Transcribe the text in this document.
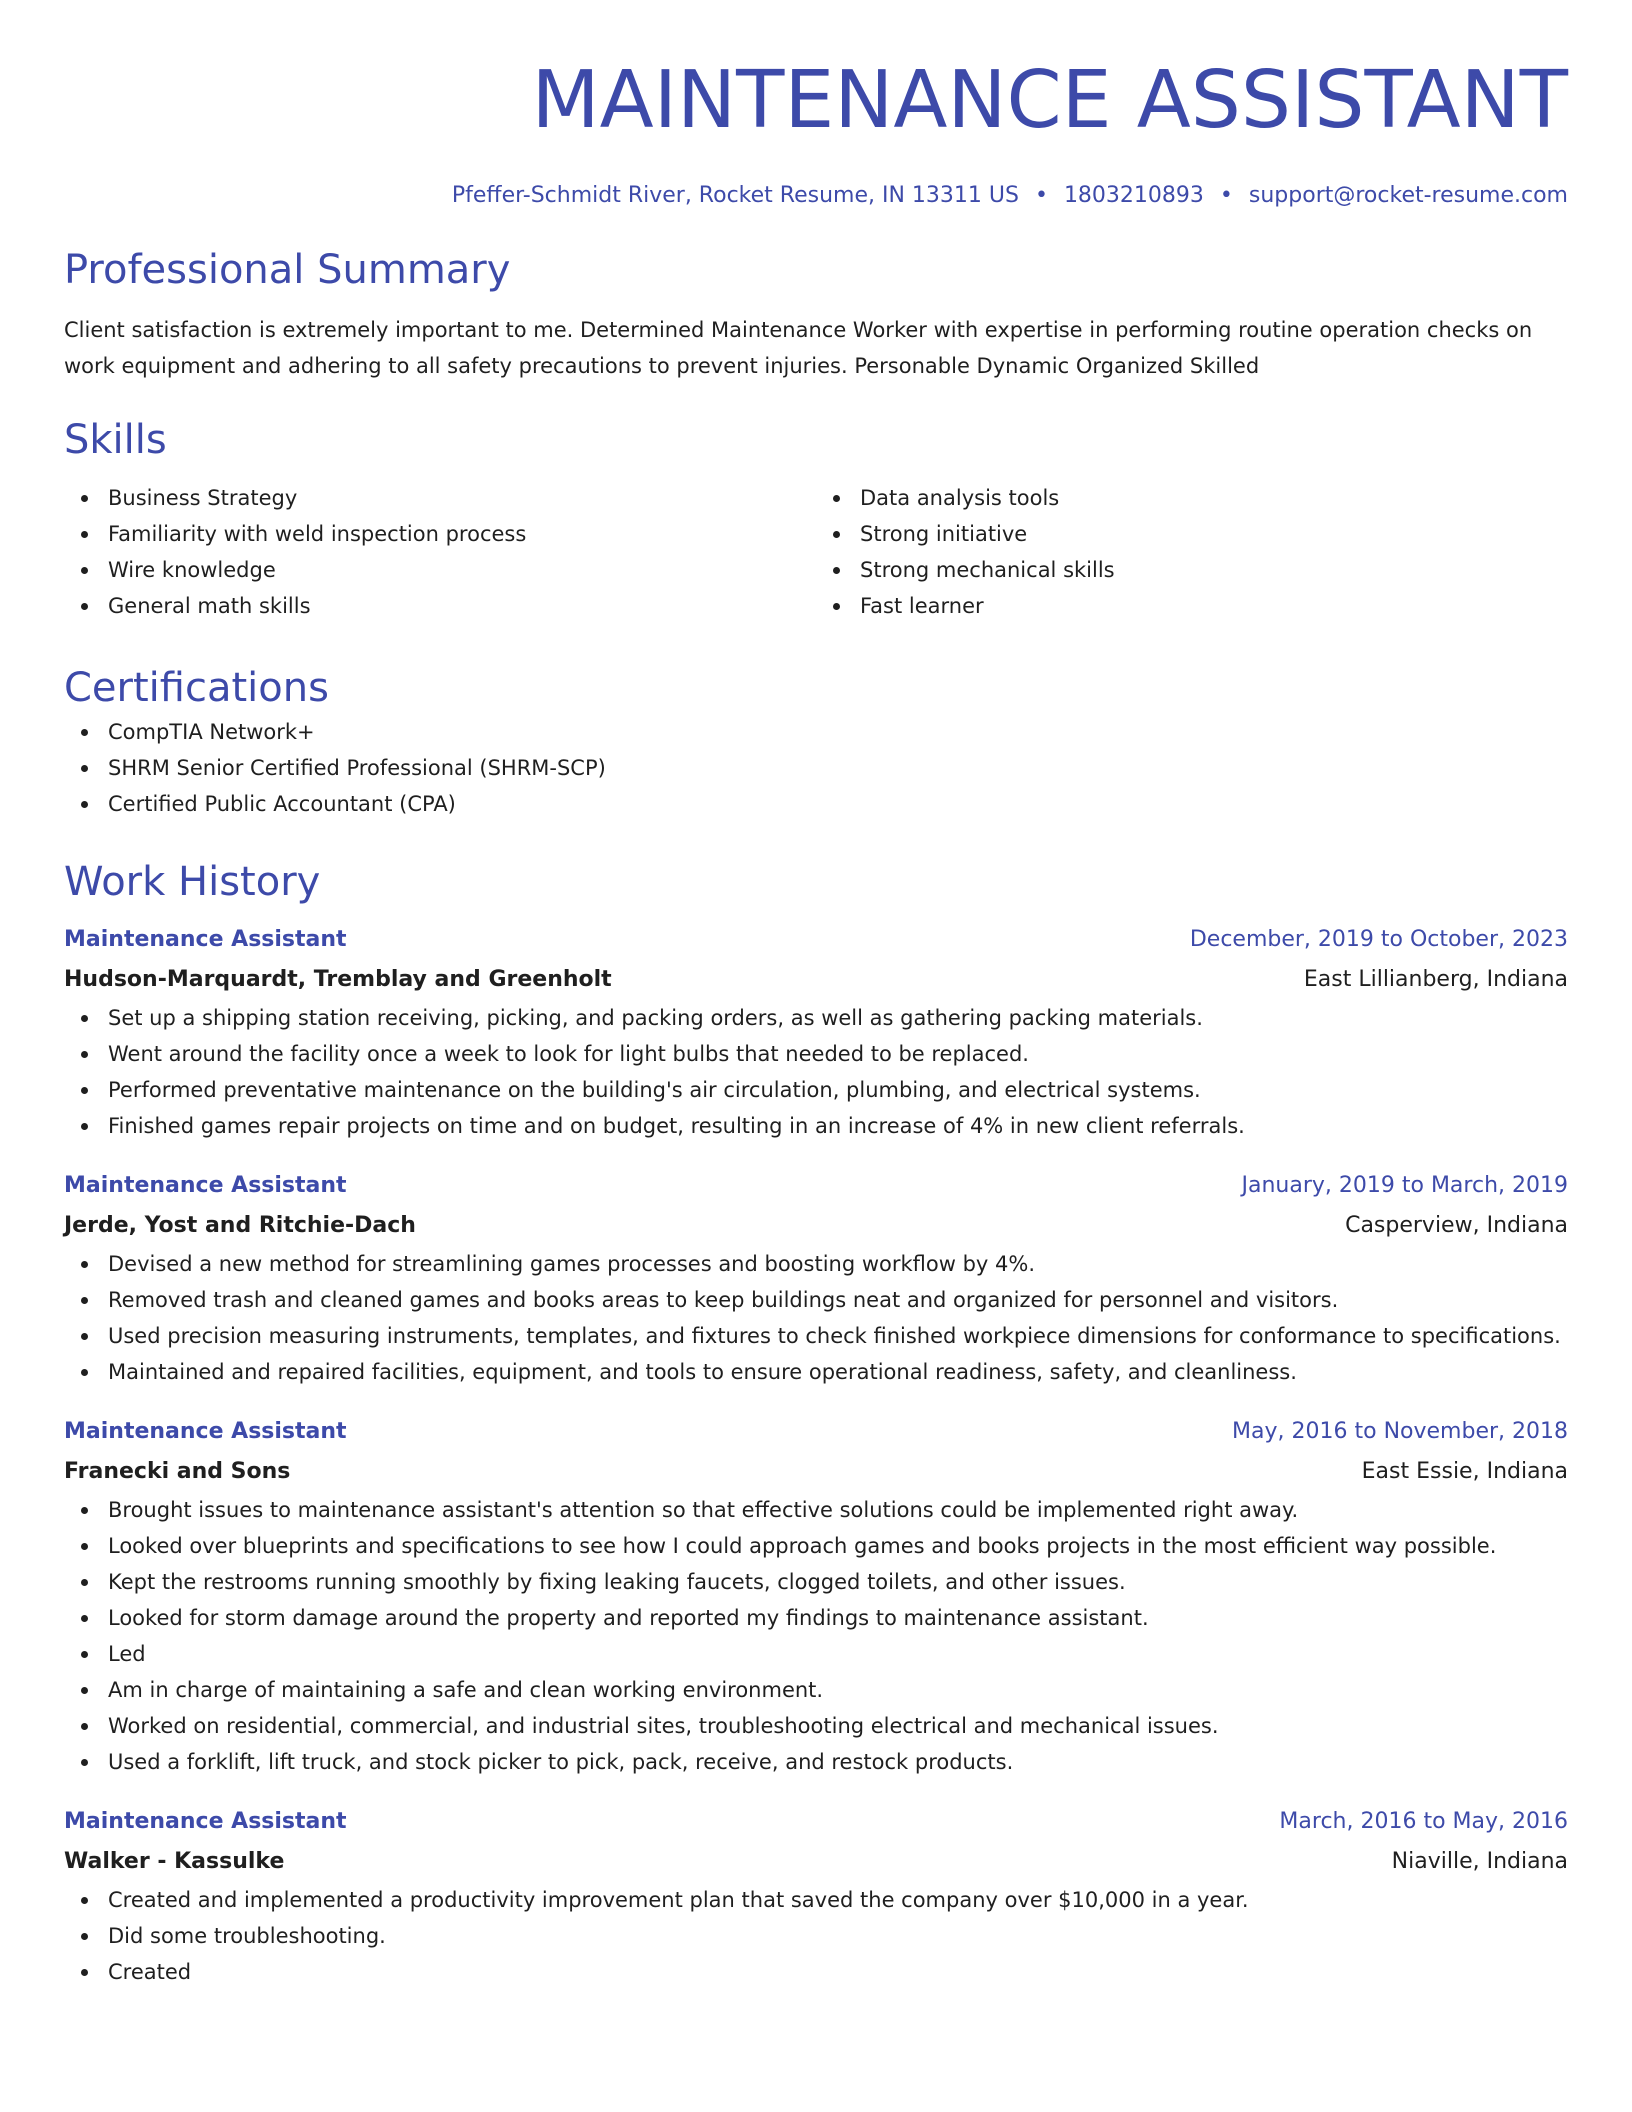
MAINTENANCE ASSISTANT
Pfeffer-Schmidt River, Rocket Resume, IN 13311 US • 1803210893 • support@rocket-resume.com
Professional Summary
Client satisfaction is extremely important to me. Determined Maintenance Worker with expertise in performing routine operation checks on work equipment and adhering to all safety precautions to prevent injuries. Personable Dynamic Organized Skilled
Skills
Business Strategy
Familiarity with weld inspection process
Wire knowledge
General math skills
Data analysis tools
Strong initiative
Strong mechanical skills
Fast learner
Certifications
CompTIA Network+
SHRM Senior Certified Professional (SHRM-SCP)
Certified Public Accountant (CPA)
Work History
Maintenance Assistant	December, 2019 to October, 2023
Hudson-Marquardt, Tremblay and Greenholt	East Lillianberg, Indiana
Set up a shipping station receiving, picking, and packing orders, as well as gathering packing materials.
Went around the facility once a week to look for light bulbs that needed to be replaced.
Performed preventative maintenance on the building's air circulation, plumbing, and electrical systems.
Finished games repair projects on time and on budget, resulting in an increase of 4% in new client referrals.
Maintenance Assistant	January, 2019 to March, 2019
Jerde, Yost and Ritchie-Dach	Casperview, Indiana
Devised a new method for streamlining games processes and boosting workflow by 4%.
Removed trash and cleaned games and books areas to keep buildings neat and organized for personnel and visitors.
Used precision measuring instruments, templates, and fixtures to check finished workpiece dimensions for conformance to specifications.
Maintained and repaired facilities, equipment, and tools to ensure operational readiness, safety, and cleanliness.
Maintenance Assistant	May, 2016 to November, 2018
Franecki and Sons	East Essie, Indiana
Brought issues to maintenance assistant's attention so that effective solutions could be implemented right away.
Looked over blueprints and specifications to see how I could approach games and books projects in the most efficient way possible.
Kept the restrooms running smoothly by fixing leaking faucets, clogged toilets, and other issues.
Looked for storm damage around the property and reported my findings to maintenance assistant.
Led
Am in charge of maintaining a safe and clean working environment.
Worked on residential, commercial, and industrial sites, troubleshooting electrical and mechanical issues.
Used a forklift, lift truck, and stock picker to pick, pack, receive, and restock products.
Maintenance Assistant	March, 2016 to May, 2016
Walker - Kassulke	Niaville, Indiana
Created and implemented a productivity improvement plan that saved the company over $10,000 in a year.
Did some troubleshooting.
Created
